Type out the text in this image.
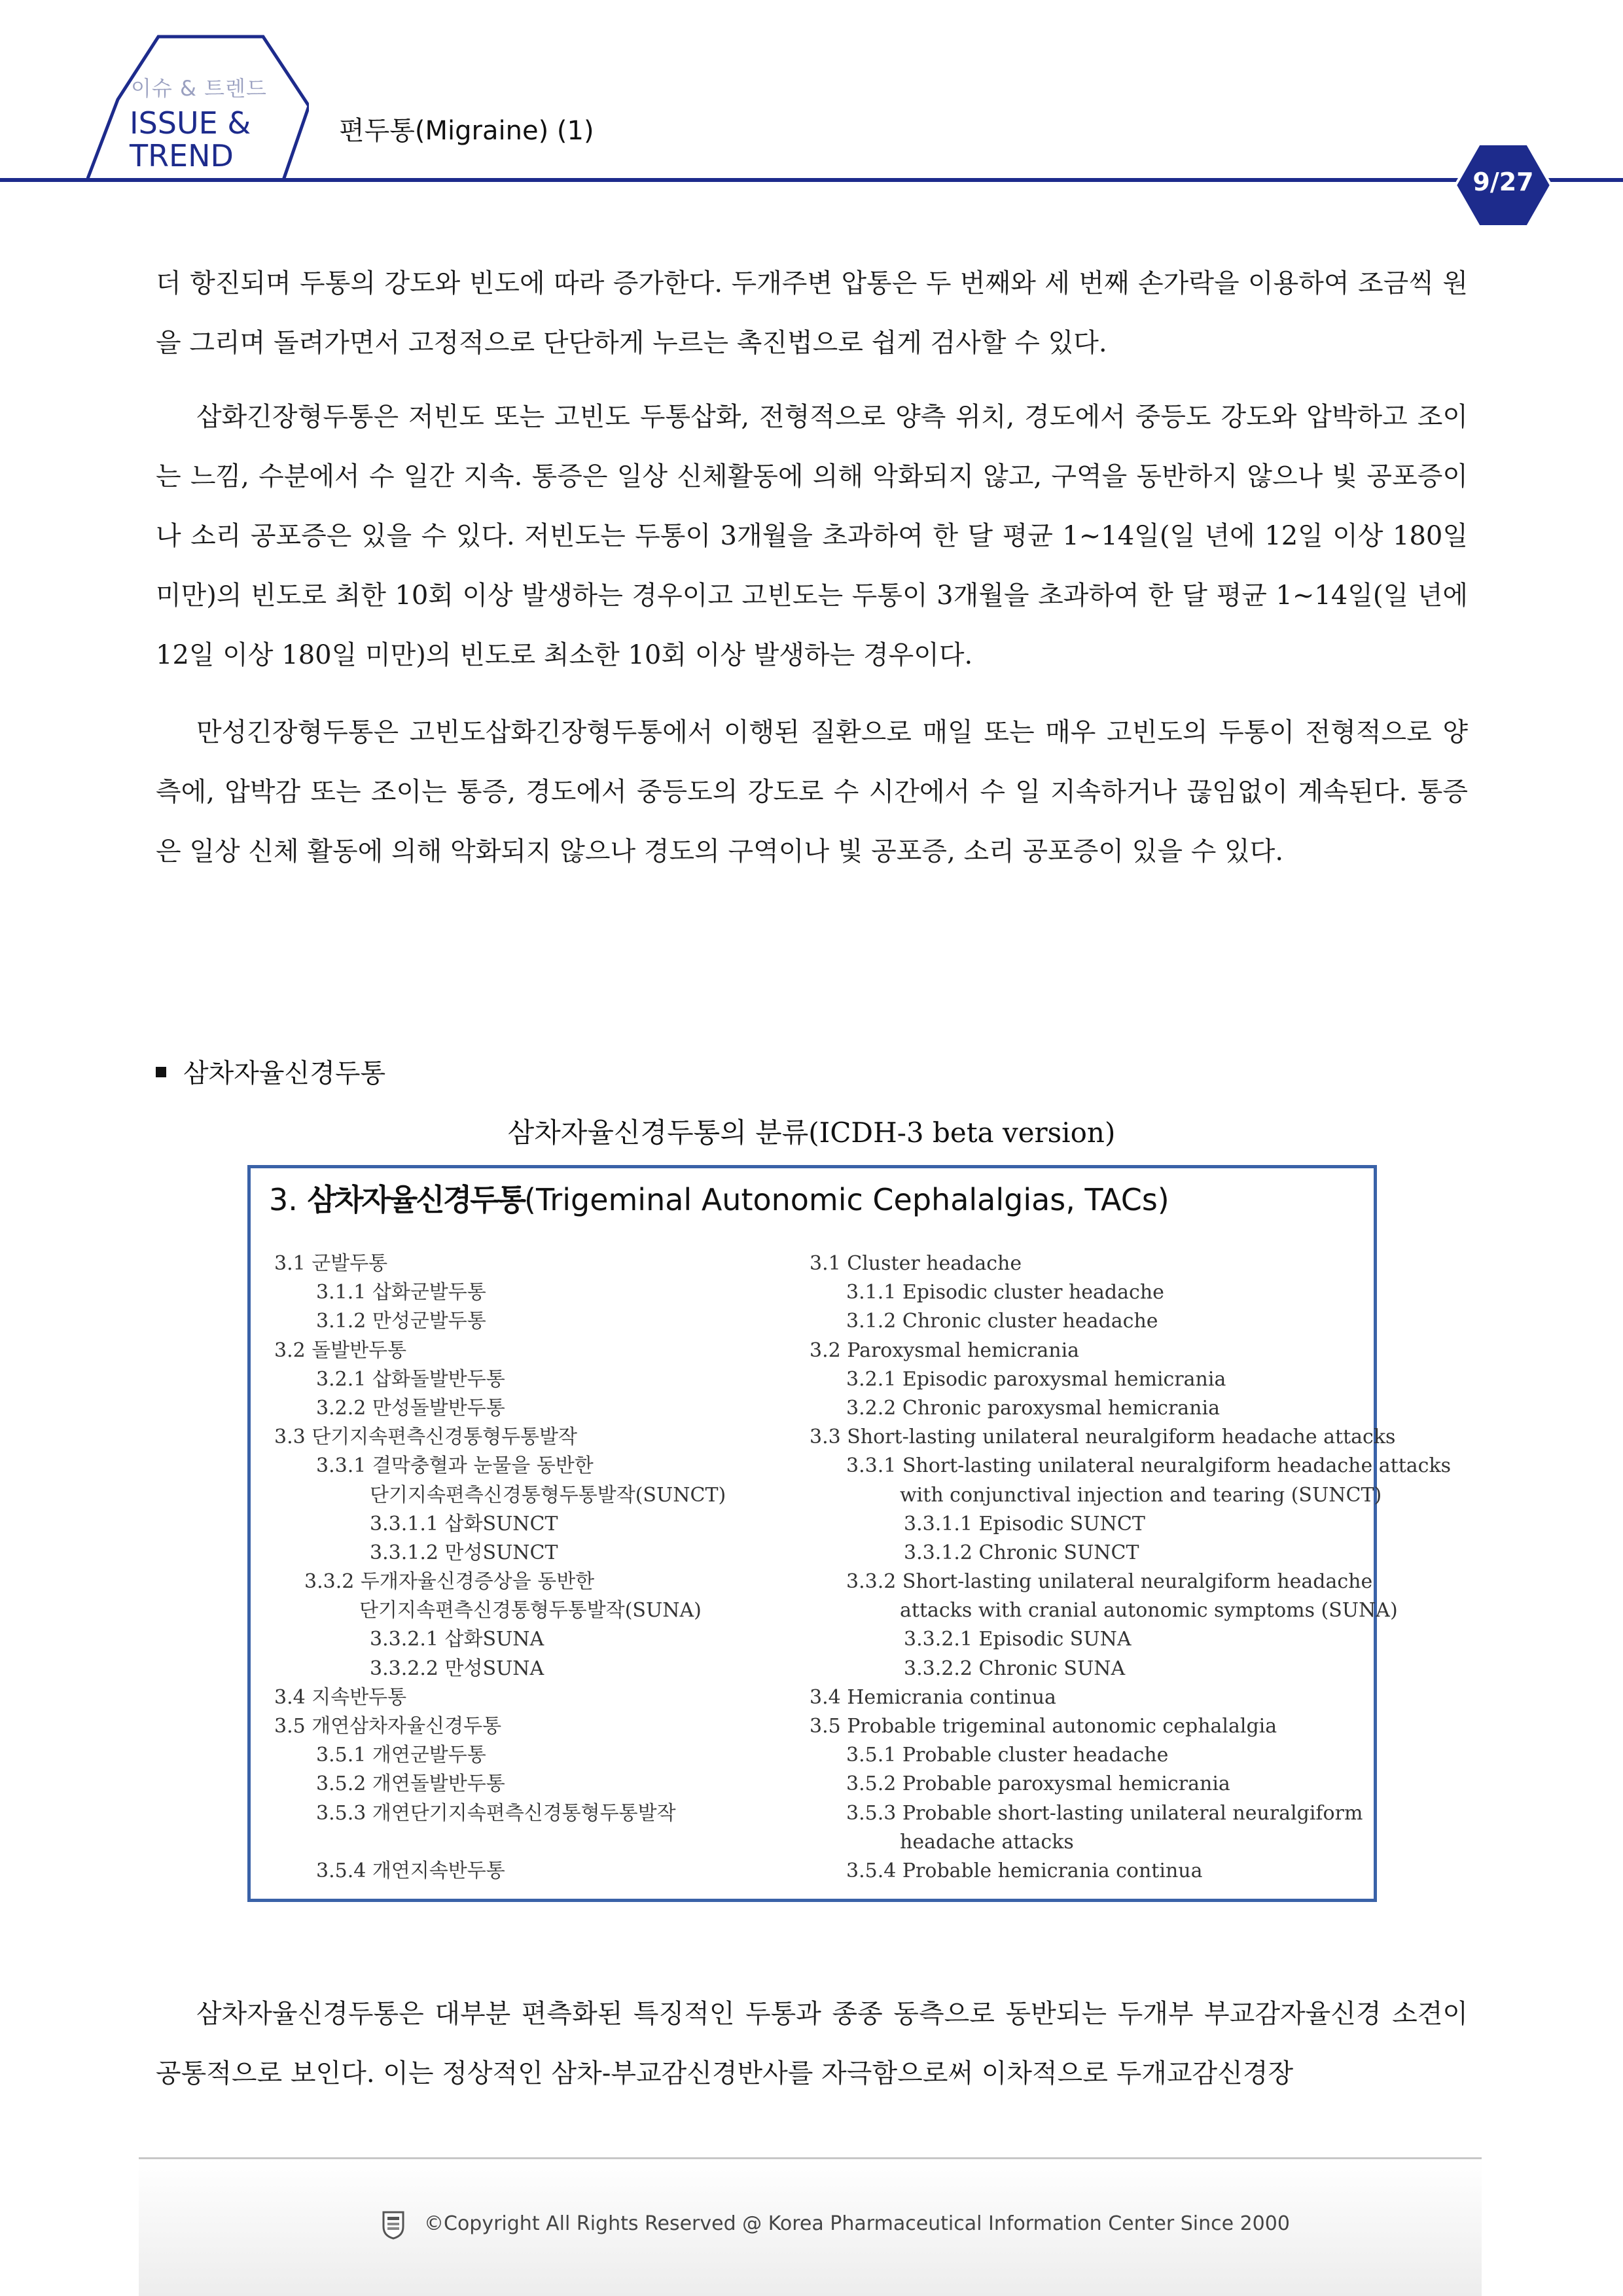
이슈 & 트렌드
ISSUE &
TREND
편두통(Migraine) (1)
9/27

더 항진되며 두통의 강도와 빈도에 따라 증가한다. 두개주변 압통은 두 번째와 세 번째 손가락을 이용하여 조금씩 원을 그리며 돌려가면서 고정적으로 단단하게 누르는 촉진법으로 쉽게 검사할 수 있다.

삽화긴장형두통은 저빈도 또는 고빈도 두통삽화, 전형적으로 양측 위치, 경도에서 중등도 강도와 압박하고 조이는 느낌, 수분에서 수 일간 지속. 통증은 일상 신체활동에 의해 악화되지 않고, 구역을 동반하지 않으나 빛 공포증이나 소리 공포증은 있을 수 있다. 저빈도는 두통이 3개월을 초과하여 한 달 평균 1~14일(일 년에 12일 이상 180일 미만)의 빈도로 최한 10회 이상 발생하는 경우이고 고빈도는 두통이 3개월을 초과하여 한 달 평균 1~14일(일 년에 12일 이상 180일 미만)의 빈도로 최소한 10회 이상 발생하는 경우이다.

만성긴장형두통은 고빈도삽화긴장형두통에서 이행된 질환으로 매일 또는 매우 고빈도의 두통이 전형적으로 양측에, 압박감 또는 조이는 통증, 경도에서 중등도의 강도로 수 시간에서 수 일 지속하거나 끊임없이 계속된다. 통증은 일상 신체 활동에 의해 악화되지 않으나 경도의 구역이나 빛 공포증, 소리 공포증이 있을 수 있다.

삼차자율신경두통
삼차자율신경두통의 분류(ICDH-3 beta version)
3. 삼차자율신경두통(Trigeminal Autonomic Cephalalgias, TACs)
3.1 군발두통
3.1.1 삽화군발두통
3.1.2 만성군발두통
3.2 돌발반두통
3.2.1 삽화돌발반두통
3.2.2 만성돌발반두통
3.3 단기지속편측신경통형두통발작
3.3.1 결막충혈과 눈물을 동반한
단기지속편측신경통형두통발작(SUNCT)
3.3.1.1 삽화SUNCT
3.3.1.2 만성SUNCT
3.3.2 두개자율신경증상을 동반한
단기지속편측신경통형두통발작(SUNA)
3.3.2.1 삽화SUNA
3.3.2.2 만성SUNA
3.4 지속반두통
3.5 개연삼차자율신경두통
3.5.1 개연군발두통
3.5.2 개연돌발반두통
3.5.3 개연단기지속편측신경통형두통발작
3.5.4 개연지속반두통
3.1 Cluster headache
3.1.1 Episodic cluster headache
3.1.2 Chronic cluster headache
3.2 Paroxysmal hemicrania
3.2.1 Episodic paroxysmal hemicrania
3.2.2 Chronic paroxysmal hemicrania
3.3 Short-lasting unilateral neuralgiform headache attacks
3.3.1 Short-lasting unilateral neuralgiform headache attacks
with conjunctival injection and tearing (SUNCT)
3.3.1.1 Episodic SUNCT
3.3.1.2 Chronic SUNCT
3.3.2 Short-lasting unilateral neuralgiform headache
attacks with cranial autonomic symptoms (SUNA)
3.3.2.1 Episodic SUNA
3.3.2.2 Chronic SUNA
3.4 Hemicrania continua
3.5 Probable trigeminal autonomic cephalalgia
3.5.1 Probable cluster headache
3.5.2 Probable paroxysmal hemicrania
3.5.3 Probable short-lasting unilateral neuralgiform
headache attacks
3.5.4 Probable hemicrania continua

삼차자율신경두통은 대부분 편측화된 특징적인 두통과 종종 동측으로 동반되는 두개부 부교감자율신경 소견이 공통적으로 보인다. 이는 정상적인 삼차-부교감신경반사를 자극함으로써 이차적으로 두개교감신경장

©Copyright All Rights Reserved @ Korea Pharmaceutical Information Center Since 2000
